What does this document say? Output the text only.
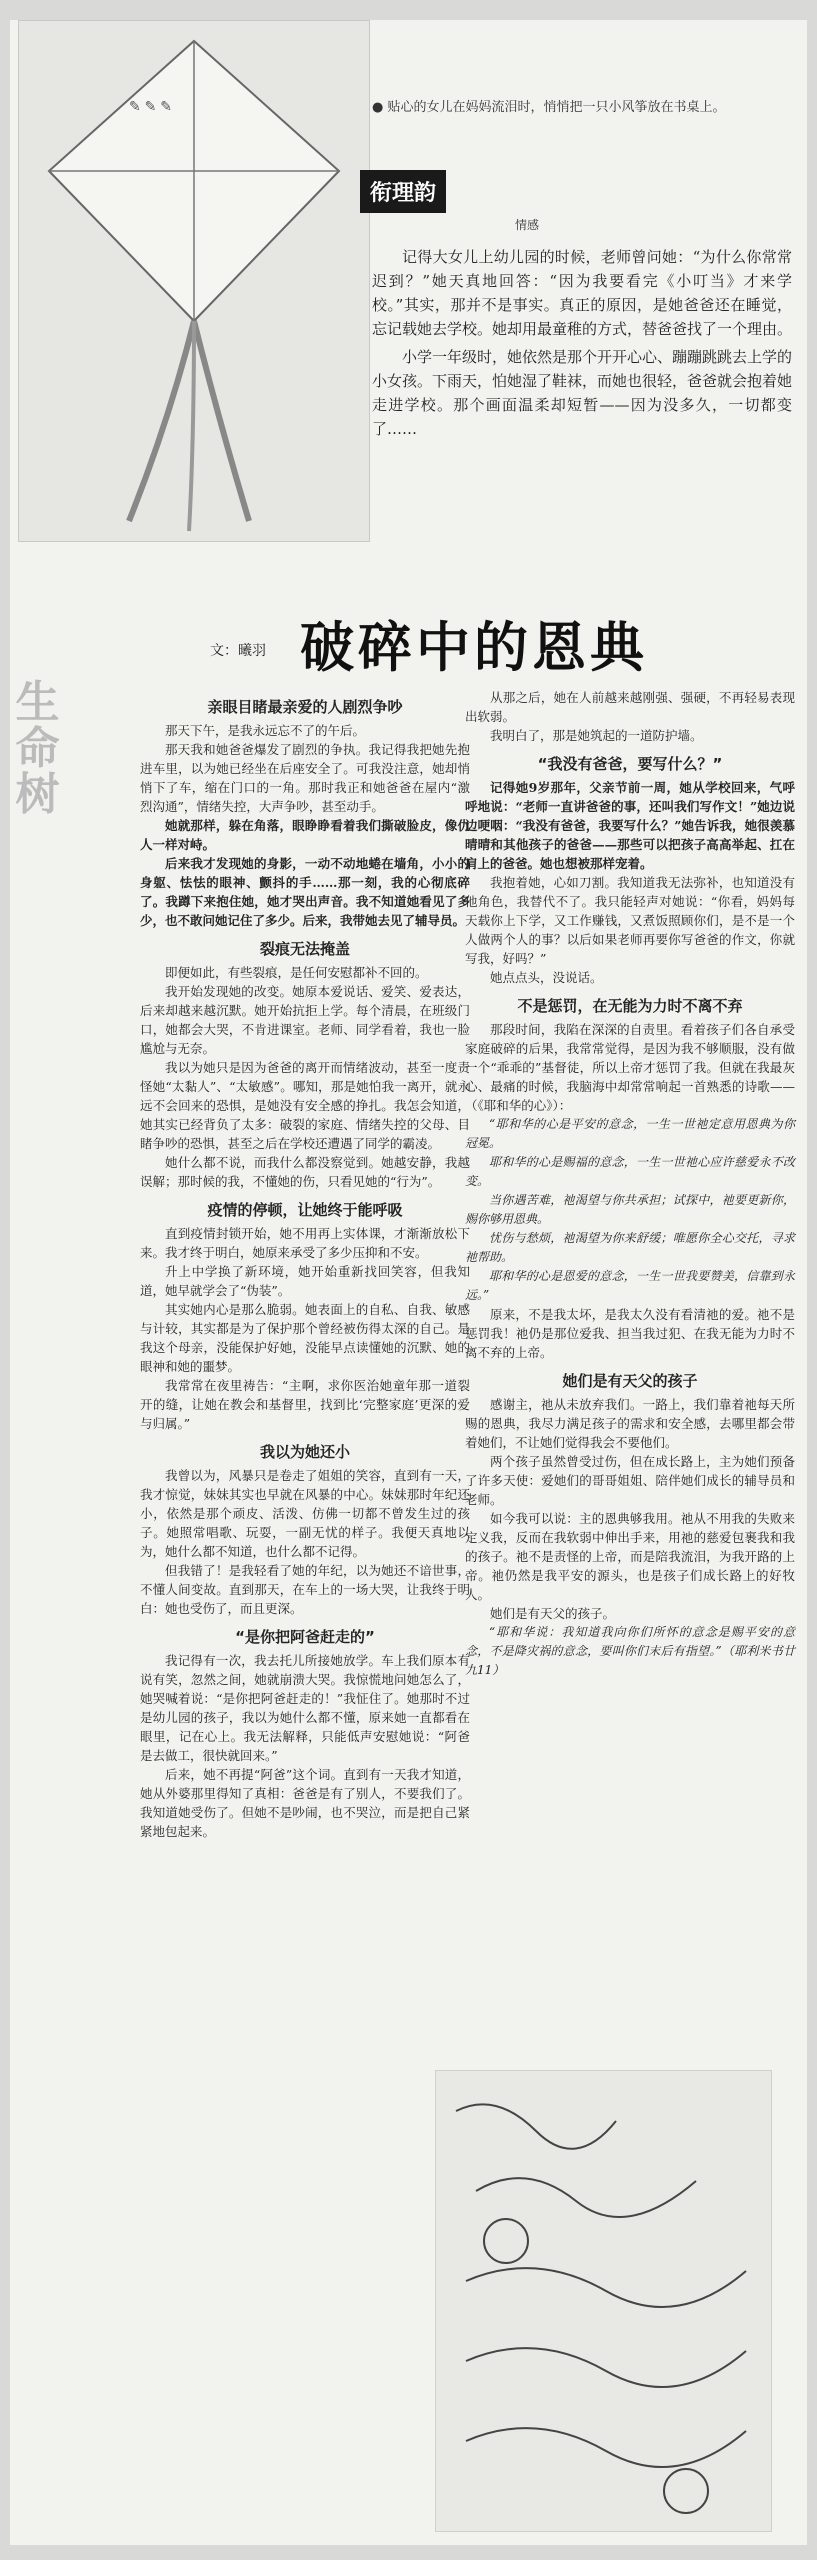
✎ ✎ ✎	● 贴心的女儿在妈妈流泪时，悄悄把一只小风筝放在书桌上。
衔理韵
情感

记得大女儿上幼儿园的时候，老师曾问她：“为什么你常常迟到？”她天真地回答：“因为我要看完《小叮当》才来学校。”其实，那并不是事实。真正的原因，是她爸爸还在睡觉，忘记载她去学校。她却用最童稚的方式，替爸爸找了一个理由。

小学一年级时，她依然是那个开开心心、蹦蹦跳跳去上学的小女孩。下雨天，怕她湿了鞋袜，而她也很轻，爸爸就会抱着她走进学校。那个画面温柔却短暂——因为没多久，一切都变了……

生命树
文：曦羽 破碎中的恩典
亲眼目睹最亲爱的人剧烈争吵

那天下午，是我永远忘不了的午后。

那天我和她爸爸爆发了剧烈的争执。我记得我把她先抱进车里，以为她已经坐在后座安全了。可我没注意，她却悄悄下了车，缩在门口的一角。那时我正和她爸爸在屋内“激烈沟通”，情绪失控，大声争吵，甚至动手。

她就那样，躲在角落，眼睁睁看着我们撕破脸皮，像仇人一样对峙。

后来我才发现她的身影，一动不动地蜷在墙角，小小的身躯、怯怯的眼神、颤抖的手……那一刻，我的心彻底碎了。我蹲下来抱住她，她才哭出声音。我不知道她看见了多少，也不敢问她记住了多少。后来，我带她去见了辅导员。

裂痕无法掩盖

即便如此，有些裂痕，是任何安慰都补不回的。

我开始发现她的改变。她原本爱说话、爱笑、爱表达，后来却越来越沉默。她开始抗拒上学。每个清晨，在班级门口，她都会大哭，不肯进课室。老师、同学看着，我也一脸尴尬与无奈。

我以为她只是因为爸爸的离开而情绪波动，甚至一度责怪她“太黏人”、“太敏感”。哪知，那是她怕我一离开，就永远不会回来的恐惧，是她没有安全感的挣扎。我怎会知道，她其实已经背负了太多：破裂的家庭、情绪失控的父母、目睹争吵的恐惧，甚至之后在学校还遭遇了同学的霸凌。

她什么都不说，而我什么都没察觉到。她越安静，我越误解；那时候的我，不懂她的伤，只看见她的“行为”。

疫情的停顿，让她终于能呼吸

直到疫情封锁开始，她不用再上实体课，才渐渐放松下来。我才终于明白，她原来承受了多少压抑和不安。

升上中学换了新环境，她开始重新找回笑容，但我知道，她早就学会了“伪装”。

其实她内心是那么脆弱。她表面上的自私、自我、敏感与计较，其实都是为了保护那个曾经被伤得太深的自己。是我这个母亲，没能保护好她，没能早点读懂她的沉默、她的眼神和她的噩梦。

我常常在夜里祷告：“主啊，求你医治她童年那一道裂开的缝，让她在教会和基督里，找到比‘完整家庭’更深的爱与归属。”

我以为她还小

我曾以为，风暴只是卷走了姐姐的笑容，直到有一天，我才惊觉，妹妹其实也早就在风暴的中心。妹妹那时年纪还小，依然是那个顽皮、活泼、仿佛一切都不曾发生过的孩子。她照常唱歌、玩耍，一副无忧的样子。我便天真地以为，她什么都不知道，也什么都不记得。

但我错了！是我轻看了她的年纪，以为她还不谙世事，不懂人间变故。直到那天，在车上的一场大哭，让我终于明白：她也受伤了，而且更深。

“是你把阿爸赶走的”

我记得有一次，我去托儿所接她放学。车上我们原本有说有笑，忽然之间，她就崩溃大哭。我惊慌地问她怎么了，她哭喊着说：“是你把阿爸赶走的！”我怔住了。她那时不过是幼儿园的孩子，我以为她什么都不懂，原来她一直都看在眼里，记在心上。我无法解释，只能低声安慰她说：“阿爸是去做工，很快就回来。”

后来，她不再提“阿爸”这个词。直到有一天我才知道，她从外婆那里得知了真相：爸爸是有了别人，不要我们了。我知道她受伤了。但她不是吵闹，也不哭泣，而是把自己紧紧地包起来。

从那之后，她在人前越来越刚强、强硬，不再轻易表现出软弱。

我明白了，那是她筑起的一道防护墙。

“我没有爸爸，要写什么？”

记得她9岁那年，父亲节前一周，她从学校回来，气呼呼地说：“老师一直讲爸爸的事，还叫我们写作文！”她边说边哽咽：“我没有爸爸，我要写什么？”她告诉我，她很羡慕晴晴和其他孩子的爸爸——那些可以把孩子高高举起、扛在肩上的爸爸。她也想被那样宠着。

我抱着她，心如刀割。我知道我无法弥补，也知道没有他角色，我替代不了。我只能轻声对她说：“你看，妈妈每天载你上下学，又工作赚钱，又煮饭照顾你们，是不是一个人做两个人的事？以后如果老师再要你写爸爸的作文，你就写我，好吗？”

她点点头，没说话。

不是惩罚，在无能为力时不离不弃

那段时间，我陷在深深的自责里。看着孩子们各自承受家庭破碎的后果，我常常觉得，是因为我不够顺服，没有做一个“乖乖的”基督徒，所以上帝才惩罚了我。但就在我最灰心、最痛的时候，我脑海中却常常响起一首熟悉的诗歌——（《耶和华的心》）：

“耶和华的心是平安的意念，一生一世祂定意用恩典为你冠冕。

耶和华的心是赐福的意念，一生一世祂心应许慈爱永不改变。

当你遇苦难，祂渴望与你共承担；试探中，祂要更新你，赐你够用恩典。

忧伤与愁烦，祂渴望为你来舒缓；唯愿你全心交托，寻求祂帮助。

耶和华的心是恩爱的意念，一生一世我要赞美，信靠到永远。”

原来，不是我太坏，是我太久没有看清祂的爱。祂不是惩罚我！祂仍是那位爱我、担当我过犯、在我无能为力时不离不弃的上帝。

她们是有天父的孩子

感谢主，祂从未放弃我们。一路上，我们靠着祂每天所赐的恩典，我尽力满足孩子的需求和安全感，去哪里都会带着她们，不让她们觉得我会不要他们。

两个孩子虽然曾受过伤，但在成长路上，主为她们预备了许多天使：爱她们的哥哥姐姐、陪伴她们成长的辅导员和老师。

如今我可以说：主的恩典够我用。祂从不用我的失败来定义我，反而在我软弱中伸出手来，用祂的慈爱包裹我和我的孩子。祂不是责怪的上帝，而是陪我流泪，为我开路的上帝。祂仍然是我平安的源头，也是孩子们成长路上的好牧人。

她们是有天父的孩子。

“耶和华说：我知道我向你们所怀的意念是赐平安的意念，不是降灾祸的意念，要叫你们末后有指望。”（耶利米书廿九11）
